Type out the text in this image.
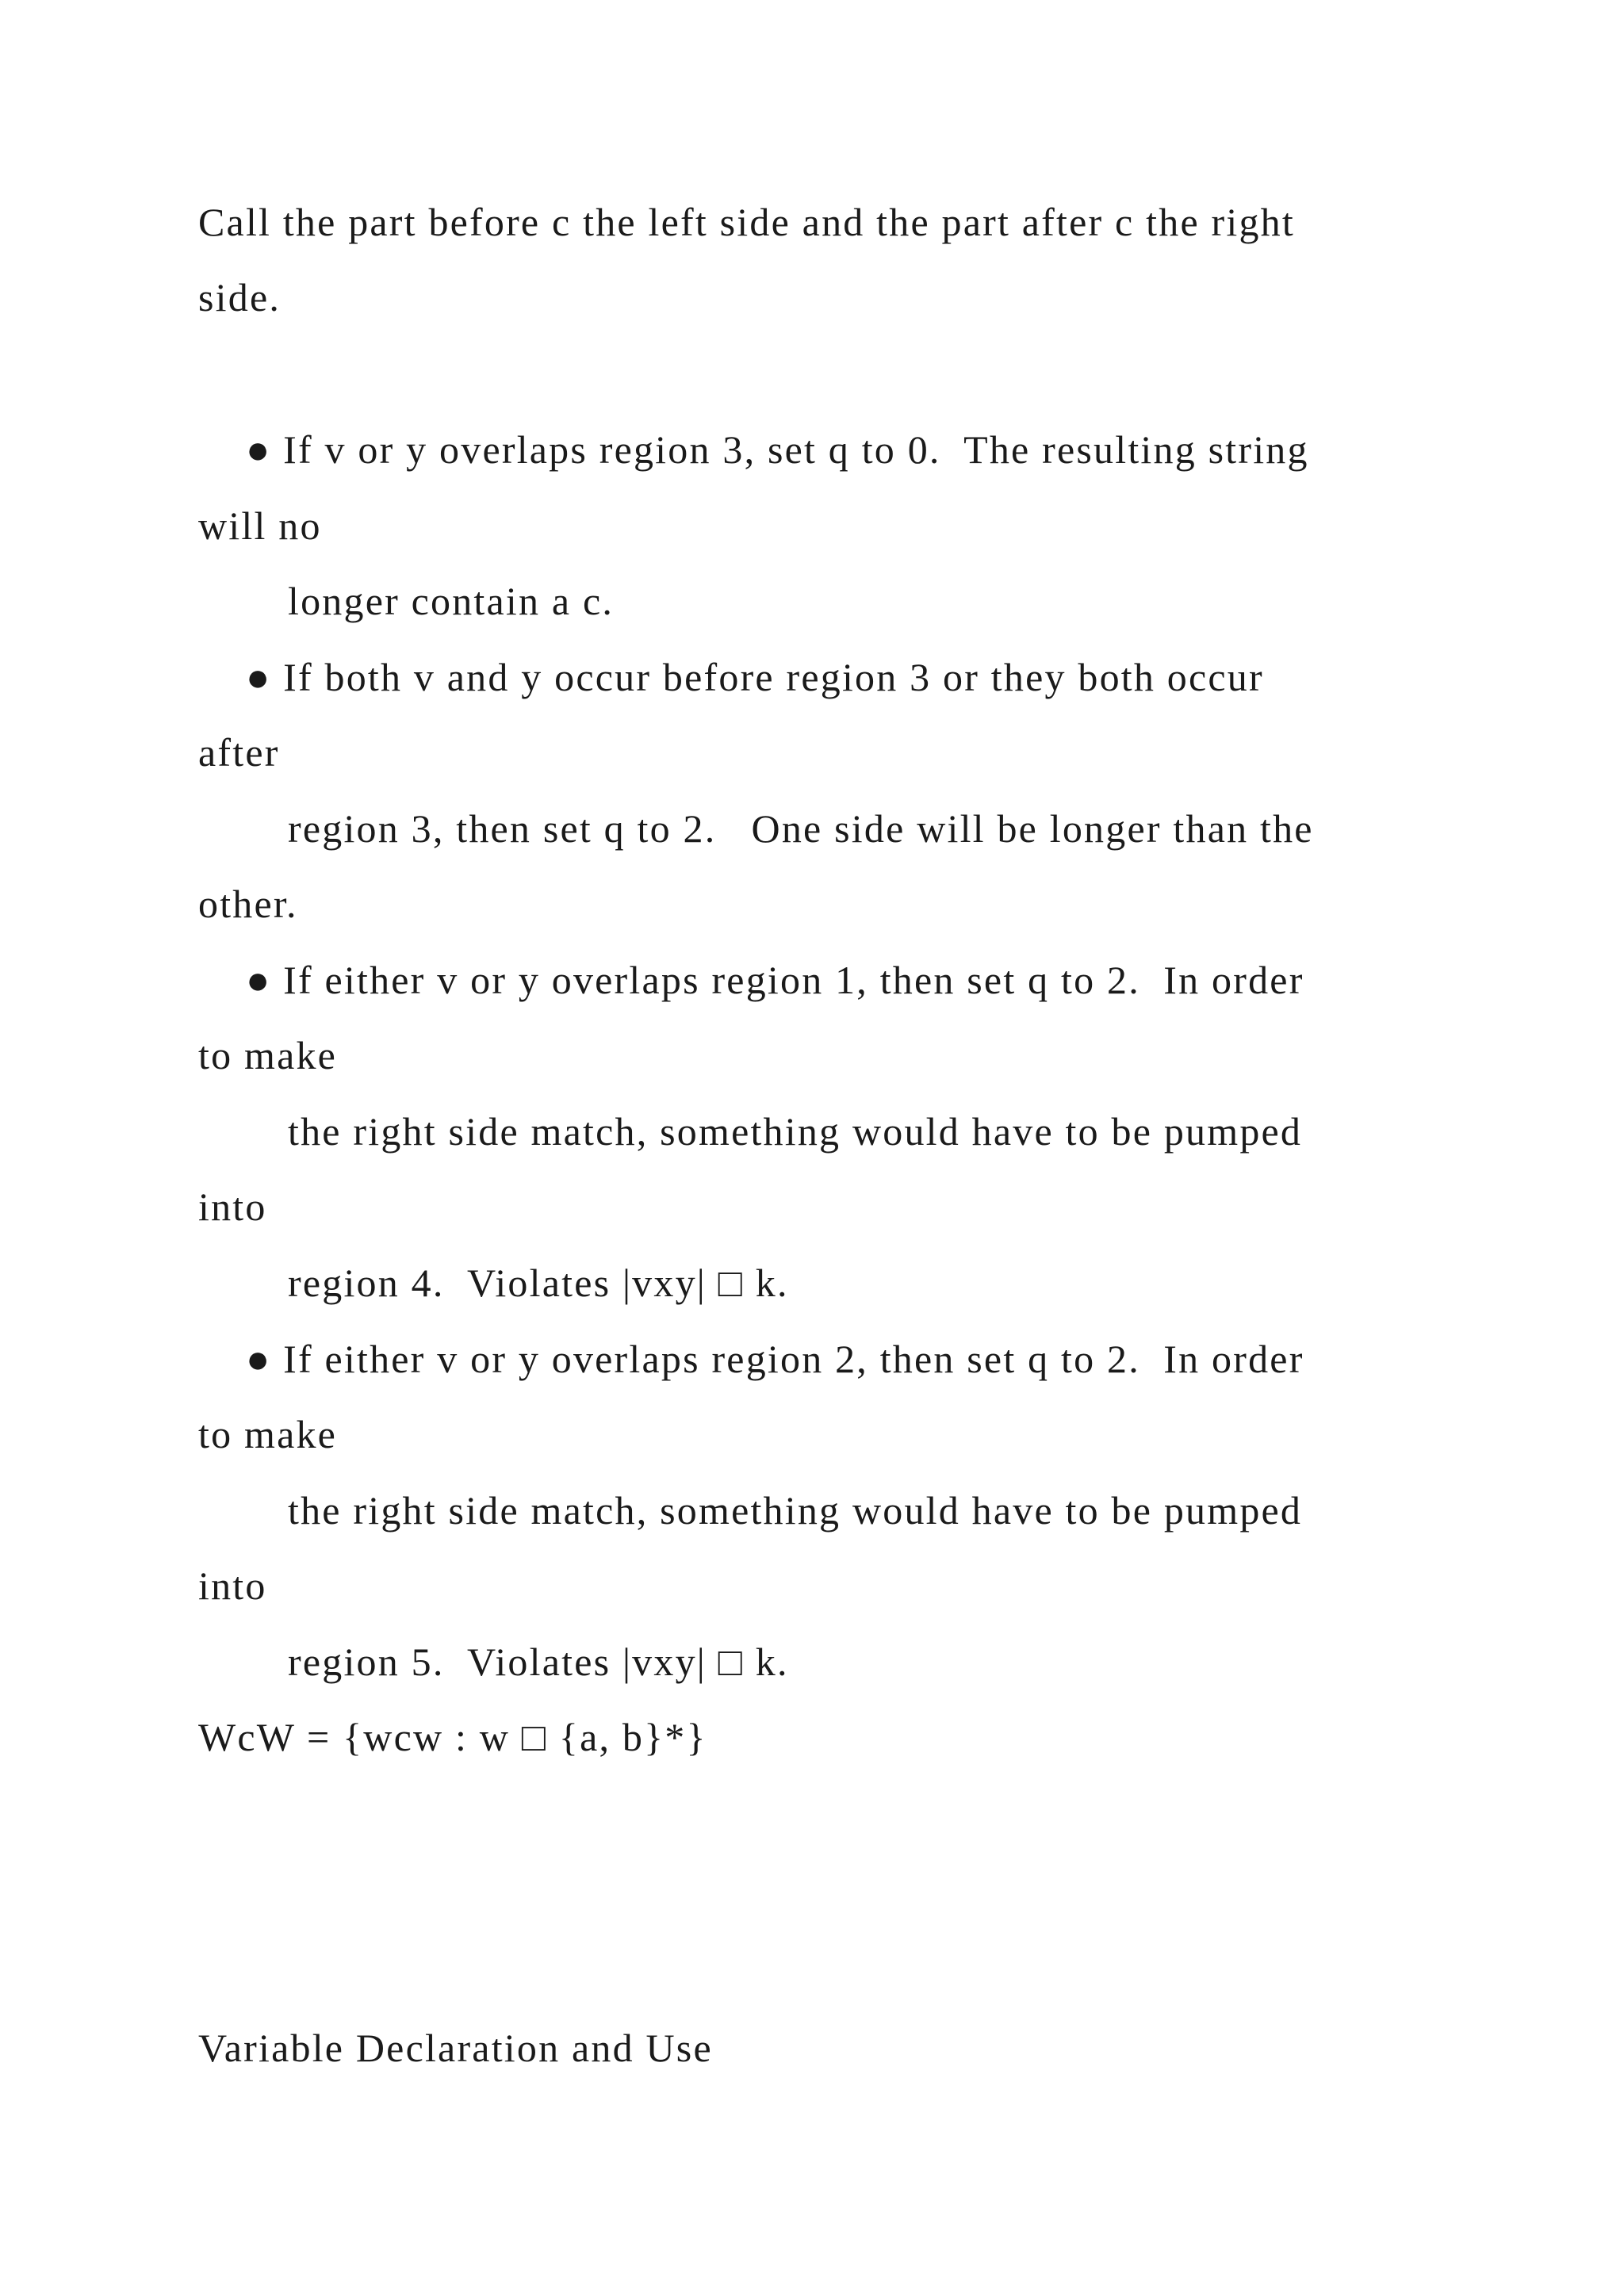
Call the part before c the left side and the part after c the right
side.
● If v or y overlaps region 3, set q to 0.  The resulting string
will no
longer contain a c.
● If both v and y occur before region 3 or they both occur
after
region 3, then set q to 2.   One side will be longer than the
other.
● If either v or y overlaps region 1, then set q to 2.  In order
to make
the right side match, something would have to be pumped
into
region 4.  Violates |vxy| □ k.
● If either v or y overlaps region 2, then set q to 2.  In order
to make
the right side match, something would have to be pumped
into
region 5.  Violates |vxy| □ k.
WcW = {wcw : w □ {a, b}*}
Variable Declaration and Use
